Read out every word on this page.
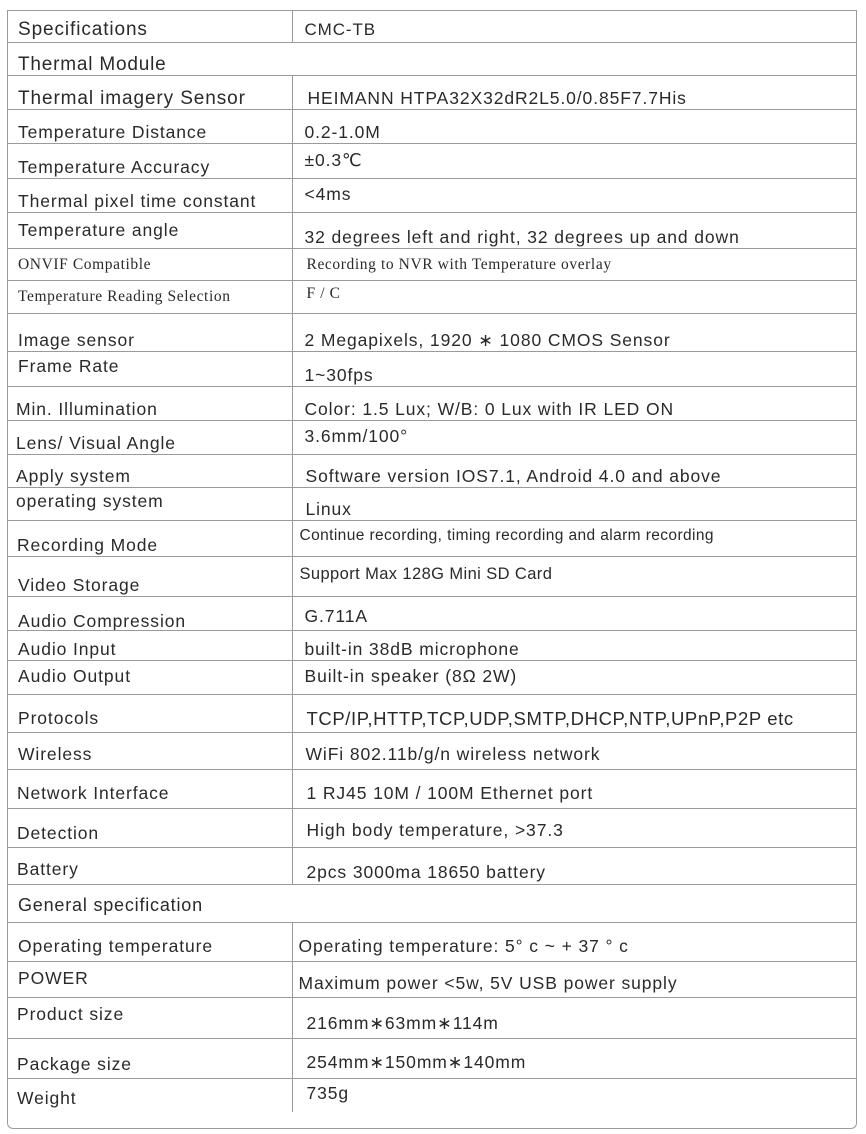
Specifications	CMC-TB
Thermal Module	
Thermal imagery Sensor	HEIMANN HTPA32X32dR2L5.0/0.85F7.7His
Temperature Distance	0.2-1.0M
Temperature Accuracy	±0.3℃
Thermal pixel time constant	<4ms
Temperature angle	32 degrees left and right, 32 degrees up and down
ONVIF Compatible	Recording to NVR with Temperature overlay
Temperature Reading Selection	F / C
Image sensor	2 Megapixels, 1920 ∗ 1080 CMOS Sensor
Frame Rate	1~30fps
Min. Illumination	Color: 1.5 Lux; W/B: 0 Lux with IR LED ON
Lens/ Visual Angle	3.6mm/100°
Apply system	Software version IOS7.1, Android 4.0 and above
operating system	Linux
Recording Mode	Continue recording, timing recording and alarm recording
Video Storage	Support Max 128G Mini SD Card
Audio Compression	G.711A
Audio Input	built-in 38dB microphone
Audio Output	Built-in speaker (8Ω 2W)
Protocols	TCP/IP,HTTP,TCP,UDP,SMTP,DHCP,NTP,UPnP,P2P etc
Wireless	WiFi 802.11b/g/n wireless network
Network Interface	1 RJ45 10M / 100M Ethernet port
Detection	High body temperature, >37.3
Battery	2pcs 3000ma 18650 battery
General specification	
Operating temperature	Operating temperature: 5° c ~ + 37 ° c
POWER	Maximum power <5w, 5V USB power supply
Product size	216mm∗63mm∗114m
Package size	254mm∗150mm∗140mm
Weight	735g
